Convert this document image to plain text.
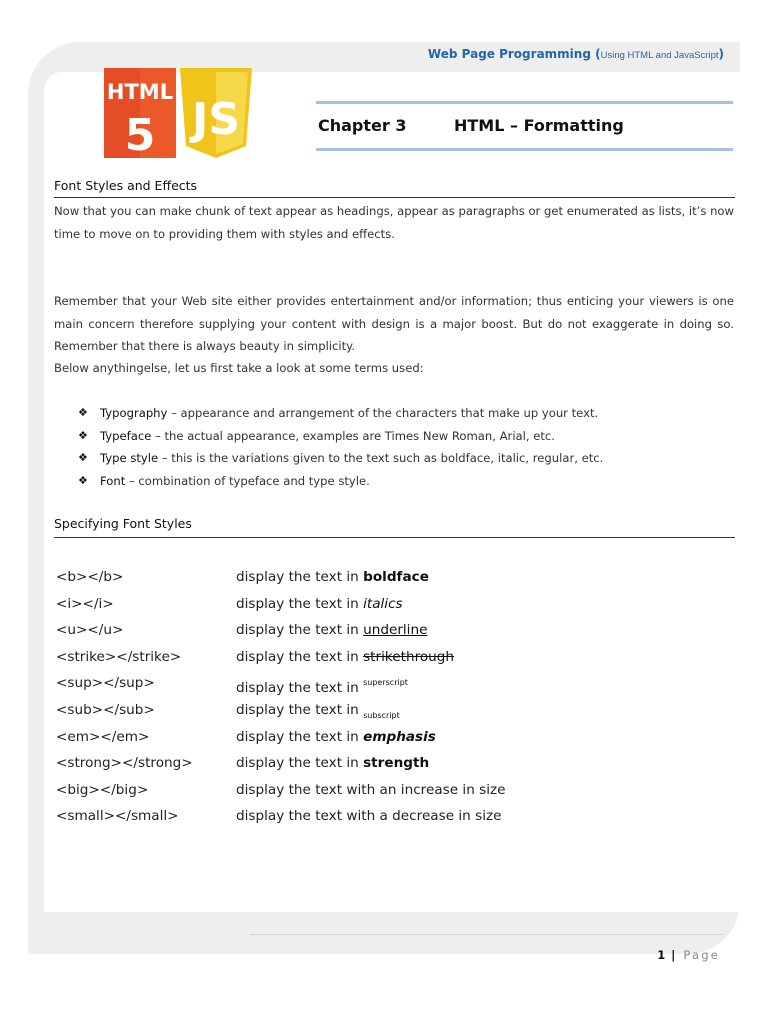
Web Page Programming (Using HTML and JavaScript)
HTML
5 JS	Chapter 3	HTML – Formatting
Font Styles and Effects
Now that you can make chunk of text appear as headings, appear as paragraphs or get enumerated as lists, it’s now time to move on to providing them with styles and effects.
Remember that your Web site either provides entertainment and/or information; thus enticing your viewers is one main concern therefore supplying your content with design is a major boost. But do not exaggerate in doing so. Remember that there is always beauty in simplicity.
Below anythingelse, let us first take a look at some terms used:
❖ Typography – appearance and arrangement of the characters that make up your text.
❖ Typeface – the actual appearance, examples are Times New Roman, Arial, etc.
❖ Type style – this is the variations given to the text such as boldface, italic, regular, etc.
❖ Font – combination of typeface and type style.
Specifying Font Styles
<b></b>	display the text in boldface
<i></i>	display the text in italics
<u></u>	display the text in underline
<strike></strike>	display the text in strikethrough
<sup></sup>	display the text in $^{superscript}$
<sub></sub>	display the text in $_{subscript}$
<em></em>	display the text in emphasis
<strong></strong>	display the text in strength
<big></big>	display the text with an increase in size
<small></small>	display the text with a decrease in size
1 | Page
